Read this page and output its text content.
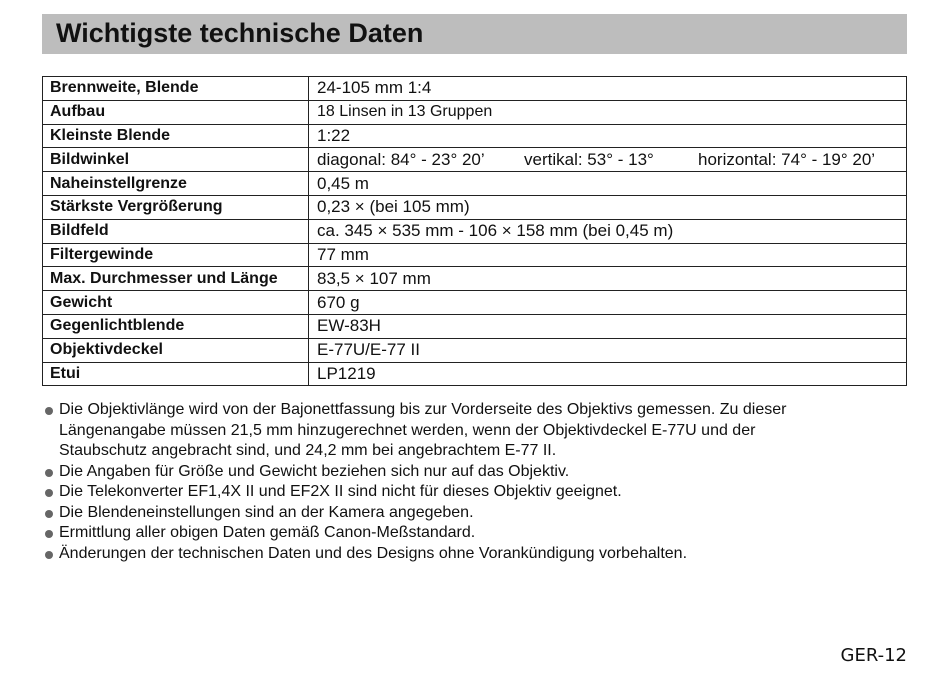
Wichtigste technische Daten
Brennweite, Blende	24-105 mm 1:4
Aufbau	18 Linsen in 13 Gruppen
Kleinste Blende	1:22
Bildwinkel	diagonal: 84° - 23° 20’ vertikal: 53° - 13° horizontal: 74° - 19° 20’
Naheinstellgrenze	0,45 m
Stärkste Vergrößerung	0,23 × (bei 105 mm)
Bildfeld	ca. 345 × 535 mm - 106 × 158 mm (bei 0,45 m)
Filtergewinde	77 mm
Max. Durchmesser und Länge	83,5 × 107 mm
Gewicht	670 g
Gegenlichtblende	EW-83H
Objektivdeckel	E-77U/E-77 II
Etui	LP1219
Die Objektivlänge wird von der Bajonettfassung bis zur Vorderseite des Objektivs gemessen. Zu dieser Längenangabe müssen 21,5 mm hinzugerechnet werden, wenn der Objektivdeckel E-77U und der Staubschutz angebracht sind, und 24,2 mm bei angebrachtem E-77 II.
Die Angaben für Größe und Gewicht beziehen sich nur auf das Objektiv.
Die Telekonverter EF1,4X II und EF2X II sind nicht für dieses Objektiv geeignet.
Die Blendeneinstellungen sind an der Kamera angegeben.
Ermittlung aller obigen Daten gemäß Canon-Meßstandard.
Änderungen der technischen Daten und des Designs ohne Vorankündigung vorbehalten.
GER-12
